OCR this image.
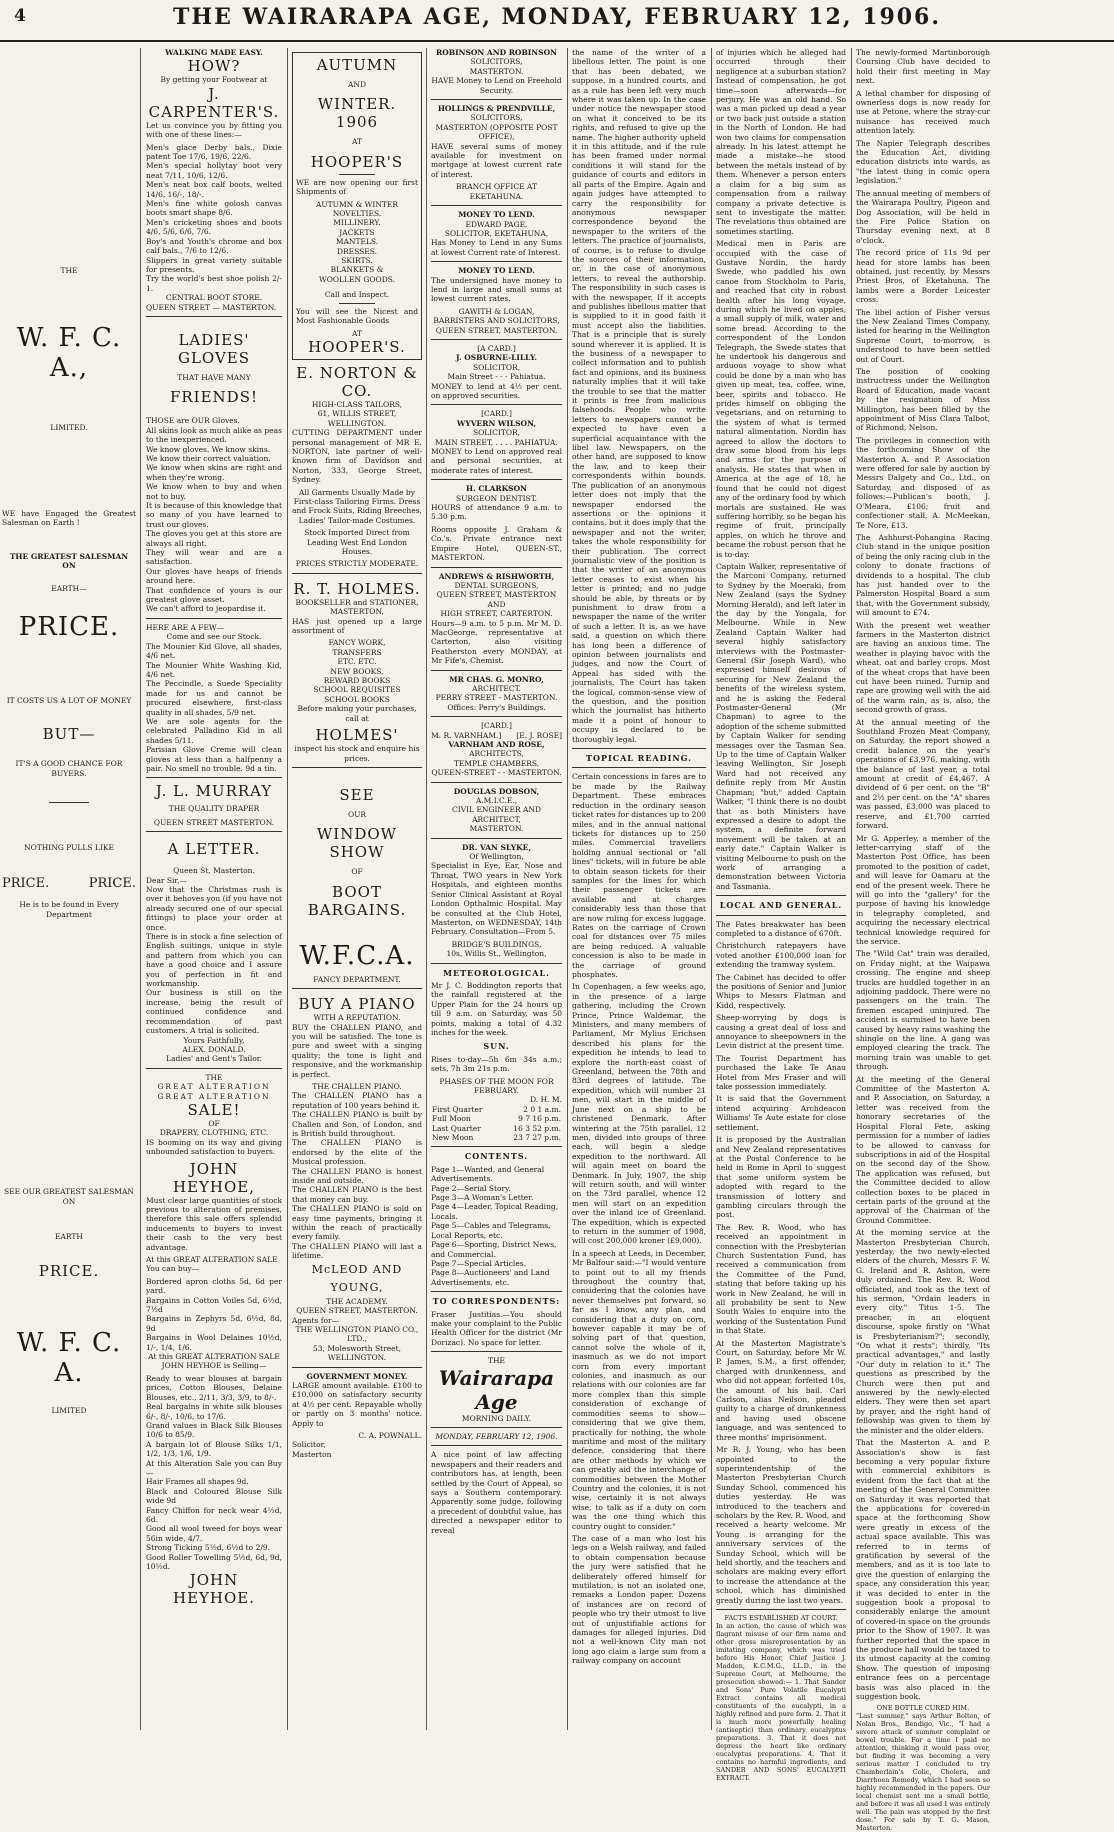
4	THE WAIRARAPA AGE, MONDAY, FEBRUARY 12, 1906.
THE
W. F. C. A.,
LIMITED.
WE have Engaged the Greatest Salesman on Earth !
THE GREATEST SALESMAN ON
EARTH—
PRICE.
IT COSTS US A LOT OF MONEY
BUT—
IT'S A GOOD CHANCE FOR BUYERS.
NOTHING PULLS LIKE
PRICE.	PRICE.
He is to be found in Every Department
SEE OUR GREATEST SALESMAN ON
EARTH
PRICE.
W. F. C. A.
LIMITED
WALKING MADE EASY.
HOW?
By getting your Footwear at
J. CARPENTER'S.

Let us convince you by fitting you with one of these lines:—

Men's glace Derby bals., Dixie patent Toe 17/6, 19/6, 22/6.
Men's special hollytay boot very neat 7/11, 10/6, 12/6.
Men's neat box calf boots, welted 14/6, 16/-, 18/-.
Men's fine white golosh canvas boots smart shape 8/6.
Men's cricketing shoes and boots 4/6, 5/6, 6/6, 7/6.
Boy's and Youth's chrome and box calf bals., 7/6 to 12/6.
Slippers in great variety suitable for presents.
Try the world's best shoe polish 2/- 1.
CENTRAL BOOT STORE.
QUEEN STREET — MASTERTON.
LADIES' GLOVES
THAT HAVE MANY
FRIENDS!
THOSE are OUR Gloves.
All skins look as much alike as peas to the inexperienced.
We know gloves. We know skins.
We know their correct valuation.
We know when skins are right and when they're wrong.
We know when to buy and when not to buy.
It is because of this knowledge that so many of you have learned to trust our gloves.
The gloves you get at this store are always all right.
They will wear and are a satisfaction.
Our gloves have heaps of friends around here.
That confidence of yours is our greatest glove asset.
We can't afford to jeopardise it.
HERE ARE A FEW—
Come and see our Stock.
The Mounier Kid Glove, all shades, 4/6 net.
The Mounier White Washing Kid, 4/6 net.
The Peccindle, a Suede Speciality made for us and cannot be procured elsewhere, first-class quality in all shades, 5/9 net.
We are sole agents for the celebrated Palladino Kid in all shades 5/11.
Parisian Glove Creme will clean gloves at less than a halfpenny a pair. No smell no trouble. 9d a tin.
J. L. MURRAY
THE QUALITY DRAPER
QUEEN STREET MASTERTON.
A LETTER.
Queen St, Masterton.
Dear Sir,—
Now that the Christmas rush is over it behoves you (if you have not already secured one of our special fittings) to place your order at once.
There is in stock a fine selection of English suitings, unique in style and pattern from which you can have a good choice and I assure you of perfection in fit and workmanship.
Our business is still on the increase, being the result of continued confidence and recommendation of past customers. A trial is solicited.
Yours Faithfully,
ALEX. DONALD.
Ladies' and Gent's Tailor.
THE
GREAT ALTERATION
GREAT ALTERATION
SALE!
OF
DRAPERY, CLOTHING, ETC.

IS booming on its way and giving unbounded satisfaction to buyers.

JOHN HEYHOE,

Must clear large quantities of stock previous to alteration of premises, therefore this sale offers splendid inducements to buyers to invest their cash to the very best advantage.

At this GREAT ALTERATION SALE You can buy—

Bordered apron cloths 5d, 6d per yard.
Bargains in Cotton Voiles 5d, 6½d, 7½d
Bargains in Zephyrs 5d, 6½d, 8d, 9d
Bargains in Wool Delaines 10½d, 1/-, 1/4, 1/6.

At this GREAT ALTERATION SALE JOHN HEYHOE is Selling—

Ready to wear blouses at bargain prices, Cotton Blouses, Delaine Blouses, etc., 2/11, 3/3, 3/9, to 8/-.
Real bargains in white silk blouses 6/-, 8/-, 10/6, to 17/6.
Grand values in Black Silk Blouses 10/6 to 85/9.
A bargain lot of Blouse Silks 1/1, 1/2, 1/3, 1/6, 1/9.
At this Alteration Sale you can Buy—
Hair Frames all shapes 9d.
Black and Coloured Blouse Silk wide 9d
Fancy Chiffon for neck wear 4½d, 6d.
Good all wool tweed for boys wear 56in wide, 4/7.
Strong Ticking 5½d, 6½d to 2/9.
Good Roller Towelling 5½d, 6d, 9d, 10½d.
JOHN HEYHOE.
AUTUMN
AND
WINTER. 1906
AT
HOOPER'S

WE are now opening our first Shipments of

AUTUMN & WINTER
NOVELTIES.
MILLINERY.
JACKETS
MANTELS.
DRESSES.
SKIRTS.
BLANKETS &
WOOLLEN GOODS.
Call and Inspect.

You will see the Nicest and Most Fashionable Goods

AT
HOOPER'S.
E. NORTON & CO.
HIGH-CLASS TAILORS,
61, WILLIS STREET, WELLINGTON.

CUTTING DEPARTMENT under personal management of MR E. NORTON, late partner of well-known firm of Davidson and Norton, 333, George Street, Sydney.

All Garments Usually Made by First-class Tailoring Firms. Dress and Frock Suits, Riding Breeches, Ladies' Tailor-made Costumes.

Stock Imported Direct from Leading West End London Houses.

PRICES STRICTLY MODERATE.
R. T. HOLMES.
BOOKSELLER and STATIONER,
MASTERTON,

HAS just opened up a large assortment of

FANCY WORK,
TRANSFERS
ETC. ETC.
NEW BOOKS,
REWARD BOOKS
SCHOOL REQUISITES
SCHOOL BOOKS

Before making your purchases, call at

HOLMES'

inspect his stock and enquire his prices.

SEE
OUR
WINDOW SHOW
OF
BOOT BARGAINS.
W.F.C.A.
FANCY DEPARTMENT.
BUY A PIANO
WITH A REPUTATION.

BUY the CHALLEN PIANO, and you will be satisfied. The tone is pure and sweet with a singing quality; the tone is light and responsive, and the workmanship is perfect.

THE CHALLEN PIANO.
The CHALLEN PIANO has a reputation of 100 years behind it.
The CHALLEN PIANO is built by Challen and Son, of London, and is British build throughout.
The CHALLEN PIANO is endorsed by the elite of the Musical profession.
The CHALLEN PIANO is honest inside and outside.
The CHALLEN PIANO is the best that money can buy.
The CHALLEN PIANO is sold on easy time payments, bringing it within the reach of practically every family.
The CHALLEN PIANO will last a lifetime.
McLEOD AND YOUNG,
THE ACADEMY.
QUEEN STREET, MASTERTON.
Agents for—
THE WELLINGTON PIANO CO., LTD.,
53, Molesworth Street,
WELLINGTON.
GOVERNMENT MONEY.

LARGE amount available. £100 to £10,000 on satisfactory security at 4½ per cent. Repayable wholly or partly on 3 months' notice. Apply to

C. A. POWNALL.
Solicitor,
Masterton
ROBINSON AND ROBINSON
SOLICITORS,
MASTERTON.

HAVE Money to Lend on Freehold Security.

HOLLINGS & PRENDVILLE,
SOLICITORS,
MASTERTON (OPPOSITE POST OFFICE),

HAVE several sums of money available for investment on mortgage at lowest current rate of interest.

BRANCH OFFICE AT EKETAHUNA.
MONEY TO LEND.
EDWARD PAGE,
SOLICITOR, EKETAHUNA,

Has Money to Lend in any Sums at lowest Current rate of Interest.

MONEY TO LEND.

The undersigned have money to lend in large and small sums at lowest current rates.

GAWITH & LOGAN,
BARRISTERS AND SOLICITORS,
QUEEN STREET, MASTERTON.
[A CARD.]
J. OSBURNE-LILLY.
SOLICITOR,
Main Street - - - Pahiatua.

MONEY to lend at 4½ per cent. on approved securities.

[CARD.]
WYVERN WILSON,
SOLICITOR,
MAIN STREET, . . . . PAHIATUA.

MONEY to Lend on approved real and personal securities, at moderate rates of interest.

H. CLARKSON
SURGEON DENTIST.

HOURS of attendance 9 a.m. to 5.30 p.m.

Rooms opposite J. Graham & Co.'s. Private entrance next Empire Hotel, QUEEN-ST., MASTERTON.

ANDREWS & RISHWORTH,
DENTAL SURGEONS,
QUEEN STREET, MASTERTON
AND
HIGH STREET, CARTERTON.

Hours—9 a.m. to 5 p.m. Mr M. D. MacGeorge, representative at Carterton, also visiting Featherston every MONDAY, at Mr Fife's, Chemist.

MR CHAS. G. MONRO,
ARCHITECT.
PERRY STREET - MASTERTON. Offices: Perry's Buildings.
[CARD.]
M. R. VARNHAM.] [E. J. ROSE]
VARNHAM AND ROSE,
ARCHITECTS,
TEMPLE CHAMBERS,
QUEEN-STREET - - MASTERTON.
DOUGLAS DOBSON,
A.M.I.C.E.,
CIVIL ENGINEER AND ARCHITECT,
MASTERTON.
DR. VAN SLYKE,
Of Wellington,

Specialist in Eye, Ear, Nose and Throat, TWO years in New York Hospitals, and eighteen months Senior Clinical Assistant at Royal London Opthalmic Hospital. May be consulted at the Club Hotel, Masterton, on WEDNESDAY, 14th February. Consultation—From 5.

BRIDGE'S BUILDINGS,
10s, Willis St., Wellington,
METEOROLOGICAL.

Mr J. C. Boddington reports that the rainfall registered at the Upper Plain for the 24 hours up till 9 a.m. on Saturday, was 50 points, making a total of 4.32 inches for the week.

SUN.

Rises to-day—5h 6m 34s a.m.; sets, 7h 3m 21s p.m.

PHASES OF THE MOON FOR FEBRUARY.
D. H. M.
First Quarter	2 0 1 a.m.
Full Moon	9 7 16 p.m.
Last Quarter	16 3 52 p.m.
New Moon	23 7 27 p.m.
CONTENTS.
Page 1—Wanted, and General Advertisements.
Page 2—Serial Story.
Page 3—A Woman's Letter.
Page 4—Leader, Topical Reading, Locals.
Page 5—Cables and Telegrams, Local Reports, etc.
Page 6—Sporting, District News, and Commercial.
Page 7—Special Articles.
Page 8—Auctioneers' and Land Advertisements, etc.
TO CORRESPONDENTS:

Fraser Justitias.—You should make your complaint to the Public Health Officer for the district (Mr Dorizac). No space for letter.

THE
Wairarapa Age
MORNING DAILY.
MONDAY, FEBRUARY 12, 1906.

A nice point of law affecting newspapers and their readers and contributors has, at length, been settled by the Court of Appeal, so says a Southern contemporary. Apparently some judge, following a precedent of doubtful value, has directed a newspaper editor to reveal

the name of the writer of a libellous letter. The point is one that has been debated, we suppose, in a hundred courts, and as a rule has been left very much where it was taken up. In the case under notice the newspaper stood on what it conceived to be its rights, and refused to give up the name. The higher authority upheld it in this attitude, and if the rule has been framed under normal conditions it will stand for the guidance of courts and editors in all parts of the Empire. Again and again judges have attempted to carry the responsibility for anonymous newspaper correspondence beyond the newspaper to the writers of the letters. The practice of journalists, of course, is to refuse to divulge the sources of their information, or, in the case of anonymous letters, to reveal the authorship. The responsibility in such cases is with the newspaper. If it accepts and publishes libellous matter that is supplied to it in good faith it must accept also the liabilities. That is a principle that is surely sound wherever it is applied. It is the business of a newspaper to collect information and to publish fact and opinions, and its business naturally implies that it will take the trouble to see that the matter it prints is free from malicious falsehoods. People who write letters to newspapers cannot be expected to have even a superficial acquaintance with the libel law. Newspapers, on the other hand, are supposed to know the law, and to keep their correspondents within bounds. The publication of an anonymous letter does not imply that the newspaper endorsed the assertions or the opinions it contains, but it does imply that the newspaper and not the writer, takes the whole responsibility for their publication. The correct journalistic view of the position is that the writer of an anonymous letter ceases to exist when his letter is printed; and no judge should be able, by threats or by punishment to draw from a newspaper the name of the writer of such a letter. It is, as we have said, a question on which there has long been a difference of opinion between journalists and judges, and now the Court of Appeal has sided with the journalists. The Court has taken the logical, common-sense view of the question, and the position which the journalist has hitherto made it a point of honour to occupy is declared to be thoroughly legal.

TOPICAL READING.

Certain concessions in fares are to be made by the Railway Department. These embraces reduction in the ordinary season ticket rates for distances up to 200 miles, and in the annual national tickets for distances up to 250 miles. Commercial travellers holding annual sectional or "all lines" tickets, will in future be able to obtain season tickets for their samples for the lines for which their passenger tickets are available and at charges considerably less than those that are now ruling for excess luggage. Rates on the carriage of Crown coal for distances over 75 miles are being reduced. A valuable concession is also to be made in the carriage of ground phosphates.

In Copenhagen, a few weeks ago, in the presence of a large gathering, including the Crown Prince, Prince Waldemar, the Ministers, and many members of Parliament, Mr Mylius Erichsen described his plans for the expedition he intends to lead to explore the north-east coast of Greenland, between the 78th and 83rd degrees of latitude. The expedition, which will number 21 men, will start in the middle of June next on a ship to be christened Denmark. After wintering at the 75th parallel, 12 men, divided into groups of three each, will begin a sledge expedition to the northward. All will again meet on board the Denmark. In July, 1907, the ship will return south, and will winter on the 73rd parallel, whence 12 men will start on an expedition over the inland ice of Greenland. The expedition, which is expected to return in the summer of 1908, will cost 200,000 kroner (£9,000).

In a speech at Leeds, in December, Mr Balfour said:—"I would venture to point out to all my friends throughout the country that, considering that the colonies have never themselves put forward, so far as I know, any plan, and considering that a duty on corn, however capable it may be of solving part of that question, cannot solve the whole of it, inasmuch as we do not import corn from every important colonies, and inasmuch as our relations with our colonies are far more complex than this simple consideration of exchange of commodities seems to show—considering that we give them, practically for nothing, the whole maritime and most of the military defence, considering that there are other methods by which we can greatly aid the interchange of commodities between the Mother Country and the colonies, it is not wise, certainly it is not always wise, to talk as if a duty on corn was the one thing which this country ought to consider."

The case of a man who lost his legs on a Welsh railway, and failed to obtain compensation because the jury were satisfied that he deliberately offered himself for mutilation, is not an isolated one, remarks a London paper. Dozens of instances are on record of people who try their utmost to live out of unjustifiable actions for damages for alleged injuries. Did not a well-known City man not long ago claim a large sum from a railway company on account

of injuries which he alleged had occurred through their negligence at a suburban station? Instead of compensation, he got time—soon afterwards—for perjury. He was an old hand. So was a man picked up dead a year or two back just outside a station in the North of London. He had won two claims for compensation already. In his latest attempt he made a mistake—he stood between the metals instead of by them. Whenever a person enters a claim for a big sum as compensation from a railway company a private detective is sent to investigate the matter. The revelations thus obtained are sometimes startling.

Medical men in Paris are occupied with the case of Gustave Nordin, the hardy Swede, who paddled his own canoe from Stockholm to Paris, and reached that city in robust health after his long voyage, during which he lived on apples, a small supply of milk, water and some bread. According to the correspondent of the London Telegraph, the Swede states that he undertook his dangerous and arduous voyage to show what could be done by a man who has given up meat, tea, coffee, wine, beer, spirits and tobacco. He prides himself on obliging the vegetarians, and on returning to the system of what is termed natural alimentation. Nordin has agreed to allow the doctors to draw some blood from his legs and arms for the purpose of analysis. He states that when in America at the age of 18, he found that he could not digest any of the ordinary food by which mortals are sustained. He was suffering horribly, so he began his regime of fruit, principally apples, on which he throve and became the robust person that he is to-day.

Captain Walker, representative of the Marconi Company, returned to Sydney by the Moeraki, from New Zealand (says the Sydney Morning Herald), and left later in the day by the Yongala, for Melbourne. While in New Zealand Captain Walker had several highly satisfactory interviews with the Postmaster-General (Sir Joseph Ward), who expressed himself desirous of securing for New Zealand the benefits of the wireless system, and he is asking the Federal Postmaster-General (Mr Chapman) to agree to the adoption of the scheme submitted by Captain Walker for sending messages over the Tasman Sea. Up to the time of Captain Walker leaving Wellington, Sir Joseph Ward had not received any definite reply from Mr Austin Chapman; "but," added Captain Walker, "I think there is no doubt that as both Ministers have expressed a desire to adopt the system, a definite forward movement will be taken at an early date." Captain Walker is visiting Melbourne to push on the work of arranging a demonstration between Victoria and Tasmania.

LOCAL AND GENERAL.

The Fates breakwater has been completed to a distance of 670ft.

Christchurch ratepayers have voted another £100,000 loan for extending the tramway system.

The Cabinet has decided to offer the positions of Senior and Junior Whips to Messrs Flatman and Kidd, respectively.

Sheep-worrying by dogs is causing a great deal of loss and annoyance to sheepowners in the Levin district at the present time.

The Tourist Department has purchased the Lake Te Anau Hotel from Mrs Fraser and will take possession immediately.

It is said that the Government intend acquiring Archdeacon Williams' Te Aute estate for close settlement.

It is proposed by the Australian and New Zealand representatives at the Postal Conference to be held in Rome in April to suggest that some uniform system be adopted with regard to the transmission of lottery and gambling circulars through the post.

The Rev. R. Wood, who has received an appointment in connection with the Presbyterian Church Sustentation Fund, has received a communication from the Committee of the Fund, stating that before taking up his work in New Zealand, he will in all probability be sent to New South Wales to enquire into the working of the Sustentation Fund in that State.

At the Masterton Magistrate's Court, on Saturday, before Mr W. P. James, S.M., a first offender, charged with drunkenness, and who did not appear, forfeited 10s, the amount of his bail. Carl Carlson, alias Neilson, pleaded guilty to a charge of drunkenness and having used obscene language, and was sentenced to three months' imprisonment.

Mr R. J. Young, who has been appointed to the superintendentship of the Masterton Presbyterian Church Sunday School, commenced his duties yesterday. He was introduced to the teachers and scholars by the Rev. R. Wood, and received a hearty welcome. Mr Young is arranging for the anniversary services of the Sunday School, which will be held shortly, and the teachers and scholars are making every effort to increase the attendance at the school, which has diminished greatly during the last two years.

FACTS ESTABLISHED AT COURT.

In an action, the cause of which was flagrant misuse of our firm name and other gross misrepresentation by an imitating company, which was tried before His Honor, Chief Justice J. Madden, K.C.M.G., LL.D., in the Supreme Court, at Melbourne, the prosecution showed:— 1. That Sander and Sons' Pure Volatile Eucalypti Extract contains all medical constituents of the eucalypti, in a highly refined and pure form. 2. That it is much more powerfully healing (antiseptic) than ordinary eucalyptus preparations. 3. That it does not depress the heart like ordinary eucalyptus preparations. 4. That it contains no harmful ingredients, and SANDER AND SONS' EUCALYPTI EXTRACT.

The newly-formed Martinborough Coursing Club have decided to hold their first meeting in May next.

A lethal chamber for disposing of ownerless dogs is now ready for use at Petone, where the stray-cur nuisance has received much attention lately.

The Napier Telegraph describes the Education Act, dividing education districts into wards, as "the latest thing in comic opera legislation."

The annual meeting of members of the Wairarapa Poultry, Pigeon and Dog Association, will be held in the Fire Police Station on Thursday evening next, at 8 o'clock.

The record price of 11s 9d per head for store lambs has been obtained, just recently, by Messrs Priest Bros, of Eketahuna. The lambs were a Border Leicester cross.

The libel action of Fisher versus the New Zealand Times Company, listed for hearing in the Wellington Supreme Court, to-morrow, is understood to have been settled out of Court.

The position of cooking instructress under the Wellington Board of Education, made vacant by the resignation of Miss Millington, has been filled by the appointment of Miss Clara Talbot, of Richmond, Nelson.

The privileges in connection with the forthcoming Show of the Masterton A. and P. Association were offered for sale by auction by Messrs Dalgety and Co., Ltd., on Saturday, and disposed of as follows:—Publican's booth, J. O'Meara, £106; fruit and confectioner stall, A. McMeekan, Te Nore, £13.

The Ashhurst-Pohangina Racing Club stand in the unique position of being the only racing club in the colony to donate fractions of dividends to a hospital. The club has just handed over to the Palmerston Hospital Board a sum that, with the Government subsidy, will amount to £74.

With the present wet weather farmers in the Masterton district are having an anxious time. The weather is playing havoc with the wheat, oat and barley crops. Most of the wheat crops that have been cut have been ruined. Turnip and rape are growing well with the aid of the warm rain, as is, also, the second growth of grass.

At the annual meeting of the Southland Frozen Meat Company, on Saturday, the report showed a credit balance on the year's operations of £3,976, making, with the balance of last year, a total amount at credit of £4,467. A dividend of 6 per cent. on the "B" and 2½ per cent. on the "A" shares was passed, £3,000 was placed to reserve, and £1,700 carried forward.

Mr G. Apperley, a member of the letter-carrying staff of the Masterton Post Office, has been promoted to the position of cadet, and will leave for Oamaru at the end of the present week. There he will go into the "gallery" for the purpose of having his knowledge in telegraphy completed, and acquiring the necessary electrical technical knowledge required for the service.

The "Wild Cat" train was derailed, on Friday night, at the Waipawa crossing. The engine and sheep trucks are huddled together in an adjoining paddock. There were no passengers on the train. The firemen escaped uninjured. The accident is surmised to have been caused by heavy rains washing the shingle on the line. A gang was employed clearing the track. The morning train was unable to get through.

At the meeting of the General Committee of the Masterton A. and P. Association, on Saturday, a letter was received from the honorary secretaries of the Hospital Floral Fete, asking permission for a number of ladies to be allowed to canvass for subscriptions in aid of the Hospital on the second day of the Show. The application was refused, but the Committee decided to allow collection boxes to be placed in certain parts of the ground at the approval of the Chairman of the Ground Committee.

At the morning service at the Masterton Presbyterian Church, yesterday, the two newly-elected elders of the church, Messrs F. W. G. Ireland and R. Ashton, were duly ordained. The Rev. R. Wood officiated, and took as the text of his sermon, "Ordain leaders in every city," Titus 1-5. The preacher, in an eloquent discourse, spoke firstly on "What is Presbyterianism?"; secondly, "On what it rests"; thirdly, "Its practical advantages," and lastly "Our duty in relation to it." The questions as prescribed by the Church were then put and answered by the newly-elected elders. They were then set apart by prayer, and the right hand of fellowship was given to them by the minister and the older elders.

That the Masterton A. and P. Association's show is fast becoming a very popular fixture with commercial exhibitors is evident from the fact that at the meeting of the General Committee on Saturday it was reported that the applications for covered-in space at the forthcoming Show were greatly in excess of the actual space available. This was referred to in terms of gratification by several of the members, and as it is too late to give the question of enlarging the space, any consideration this year, it was decided to enter in the suggestion book a proposal to considerably enlarge the amount of covered-in space on the grounds prior to the Show of 1907. It was further reported that the space in the produce hall would be taxed to its utmost capacity at the coming Show. The question of imposing entrance fees on a percentage basis was also placed in the suggestion book.

ONE BOTTLE CURED HIM.

"Last summer," says Arthur Bolton, of Nolan Bros., Bendigo, Vic., "I had a severe attack of summer complaint or bowel trouble. For a time I paid no attention, thinking it would pass over, but finding it was becoming a very serious matter I concluded to try Chamberlain's Colic, Cholera, and Diarrhoea Remedy, which I had seen so highly recommended in the papers. Our local chemist sent me a small bottle, and before it was all used I was entirely well. The pain was stopped by the first dose." For sale by T. G. Mason, Masterton.
